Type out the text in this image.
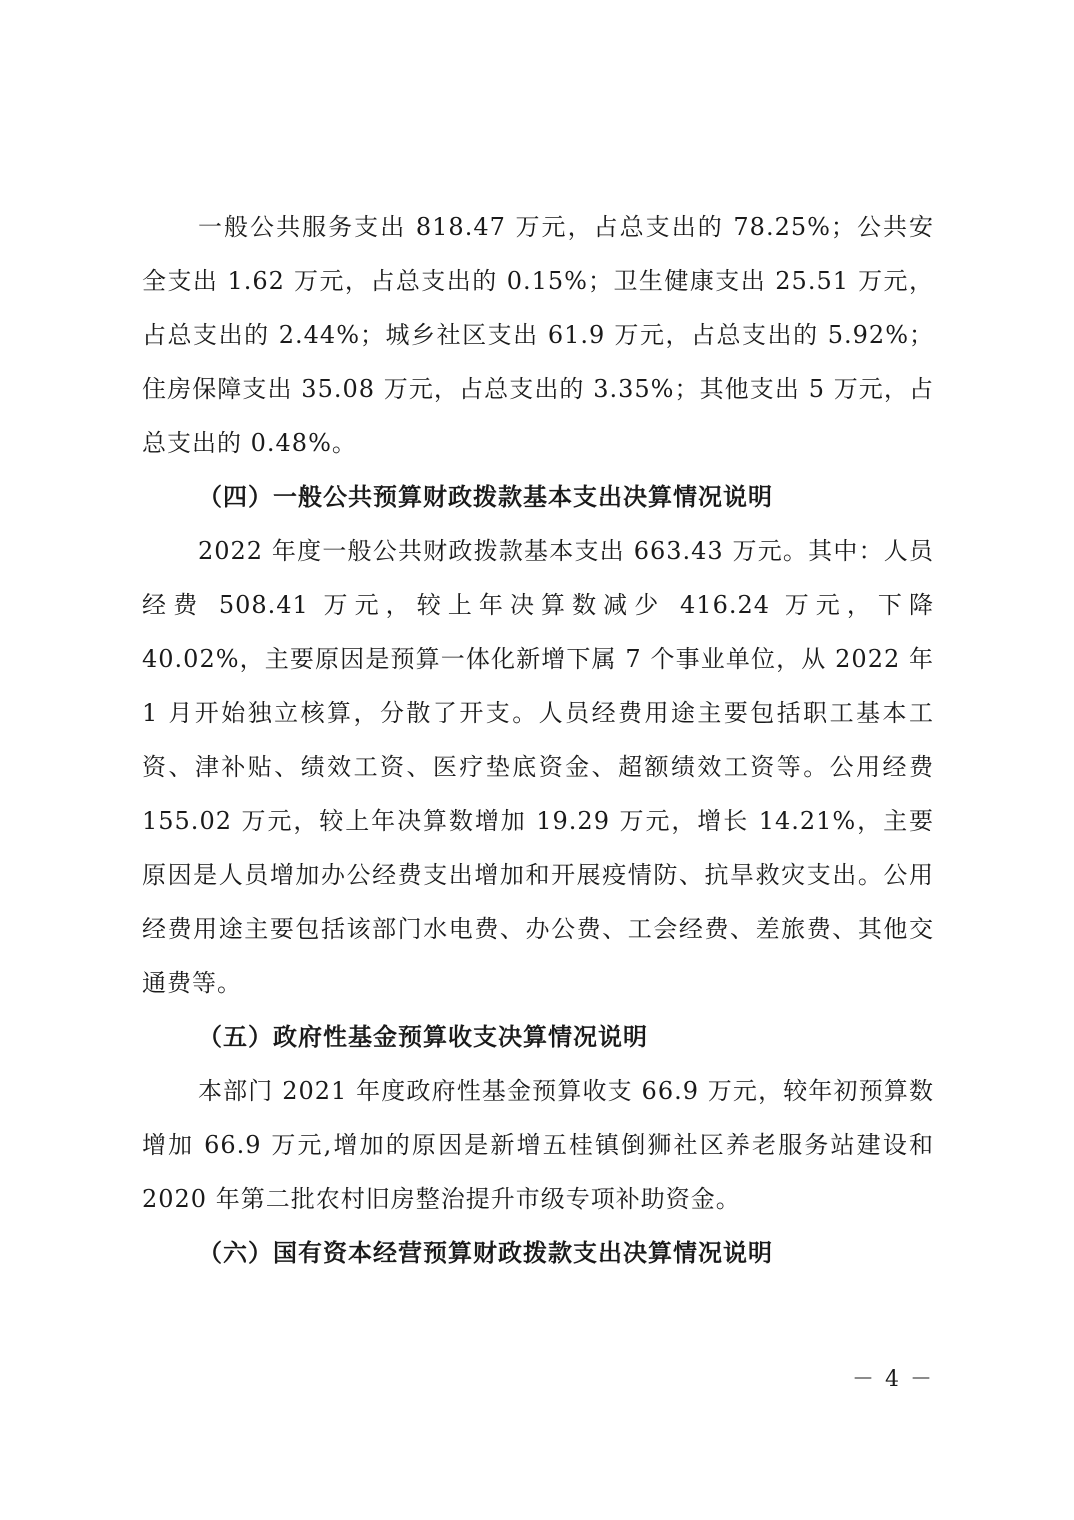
一般公共服务支出 818.47 万元，占总支出的 78.25%；公共安全支出 1.62 万元，占总支出的 0.15%；卫生健康支出 25.51 万元，占总支出的 2.44%；城乡社区支出 61.9 万元，占总支出的 5.92%；住房保障支出 35.08 万元，占总支出的 3.35%；其他支出 5 万元，占总支出的 0.48%。

（四）一般公共预算财政拨款基本支出决算情况说明

2022 年度一般公共财政拨款基本支出 663.43 万元。其中：人员经费 508.41 万元，较上年决算数减少 416.24 万元，下降 40.02%，主要原因是预算一体化新增下属 7 个事业单位，从 2022 年 1 月开始独立核算，分散了开支。人员经费用途主要包括职工基本工资、津补贴、绩效工资、医疗垫底资金、超额绩效工资等。公用经费 155.02 万元，较上年决算数增加 19.29 万元，增长 14.21%，主要原因是人员增加办公经费支出增加和开展疫情防、抗旱救灾支出。公用经费用途主要包括该部门水电费、办公费、工会经费、差旅费、其他交通费等。

（五）政府性基金预算收支决算情况说明

本部门 2021 年度政府性基金预算收支 66.9 万元，较年初预算数增加 66.9 万元,增加的原因是新增五桂镇倒狮社区养老服务站建设和 2020 年第二批农村旧房整治提升市级专项补助资金。

（六）国有资本经营预算财政拨款支出决算情况说明

－ 4 －
